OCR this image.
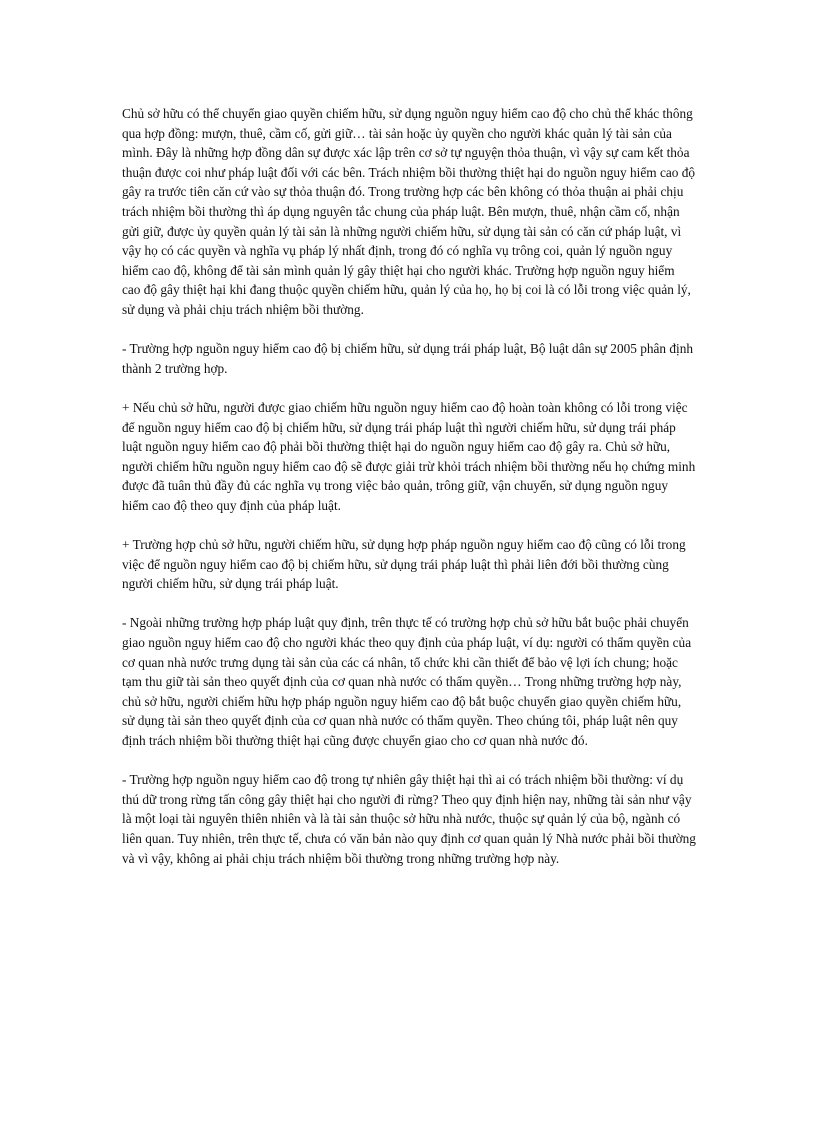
Chủ sở hữu có thể chuyển giao quyền chiếm hữu, sử dụng nguồn nguy hiểm cao độ cho chủ thể khác thông qua hợp đồng: mượn, thuê, cầm cố, gửi giữ… tài sản hoặc ủy quyền cho người khác quản lý tài sản của mình. Đây là những hợp đồng dân sự được xác lập trên cơ sở tự nguyện thỏa thuận, vì vậy sự cam kết thỏa thuận được coi như pháp luật đối với các bên. Trách nhiệm bồi thường thiệt hại do nguồn nguy hiểm cao độ gây ra trước tiên căn cứ vào sự thỏa thuận đó. Trong trường hợp các bên không có thỏa thuận ai phải chịu trách nhiệm bồi thường thì áp dụng nguyên tắc chung của pháp luật. Bên mượn, thuê, nhận cầm cố, nhận gửi giữ, được ủy quyền quản lý tài sản là những người chiếm hữu, sử dụng tài sản có căn cứ pháp luật, vì vậy họ có các quyền và nghĩa vụ pháp lý nhất định, trong đó có nghĩa vụ trông coi, quản lý nguồn nguy hiểm cao độ, không để tài sản mình quản lý gây thiệt hại cho người khác. Trường hợp nguồn nguy hiểm cao độ gây thiệt hại khi đang thuộc quyền chiếm hữu, quản lý của họ, họ bị coi là có lỗi trong việc quản lý, sử dụng và phải chịu trách nhiệm bồi thường.

- Trường hợp nguồn nguy hiểm cao độ bị chiếm hữu, sử dụng trái pháp luật, Bộ luật dân sự 2005 phân định thành 2 trường hợp.

+ Nếu chủ sở hữu, người được giao chiếm hữu nguồn nguy hiểm cao độ hoàn toàn không có lỗi trong việc để nguồn nguy hiểm cao độ bị chiếm hữu, sử dụng trái pháp luật thì người chiếm hữu, sử dụng trái pháp luật nguồn nguy hiểm cao độ phải bồi thường thiệt hại do nguồn nguy hiểm cao độ gây ra. Chủ sở hữu, người chiếm hữu nguồn nguy hiểm cao độ sẽ được giải trừ khỏi trách nhiệm bồi thường nếu họ chứng minh được đã tuân thủ đầy đủ các nghĩa vụ trong việc bảo quản, trông giữ, vận chuyển, sử dụng nguồn nguy hiểm cao độ theo quy định của pháp luật.

+ Trường hợp chủ sở hữu, người chiếm hữu, sử dụng hợp pháp nguồn nguy hiểm cao độ cũng có lỗi trong việc để nguồn nguy hiểm cao độ bị chiếm hữu, sử dụng trái pháp luật thì phải liên đới bồi thường cùng người chiếm hữu, sử dụng trái pháp luật.

- Ngoài những trường hợp pháp luật quy định, trên thực tế có trường hợp chủ sở hữu bắt buộc phải chuyển giao nguồn nguy hiểm cao độ cho người khác theo quy định của pháp luật, ví dụ: người có thẩm quyền của cơ quan nhà nước trưng dụng tài sản của các cá nhân, tổ chức khi cần thiết để bảo vệ lợi ích chung; hoặc tạm thu giữ tài sản theo quyết định của cơ quan nhà nước có thẩm quyền… Trong những trường hợp này, chủ sở hữu, người chiếm hữu hợp pháp nguồn nguy hiểm cao độ bắt buộc chuyển giao quyền chiếm hữu, sử dụng tài sản theo quyết định của cơ quan nhà nước có thẩm quyền. Theo chúng tôi, pháp luật nên quy định trách nhiệm bồi thường thiệt hại cũng được chuyển giao cho cơ quan nhà nước đó.

- Trường hợp nguồn nguy hiểm cao độ trong tự nhiên gây thiệt hại thì ai có trách nhiệm bồi thường: ví dụ thú dữ trong rừng tấn công gây thiệt hại cho người đi rừng? Theo quy định hiện nay, những tài sản như vậy là một loại tài nguyên thiên nhiên và là tài sản thuộc sở hữu nhà nước, thuộc sự quản lý của bộ, ngành có liên quan. Tuy nhiên, trên thực tế, chưa có văn bản nào quy định cơ quan quản lý Nhà nước phải bồi thường và vì vậy, không ai phải chịu trách nhiệm bồi thường trong những trường hợp này.
